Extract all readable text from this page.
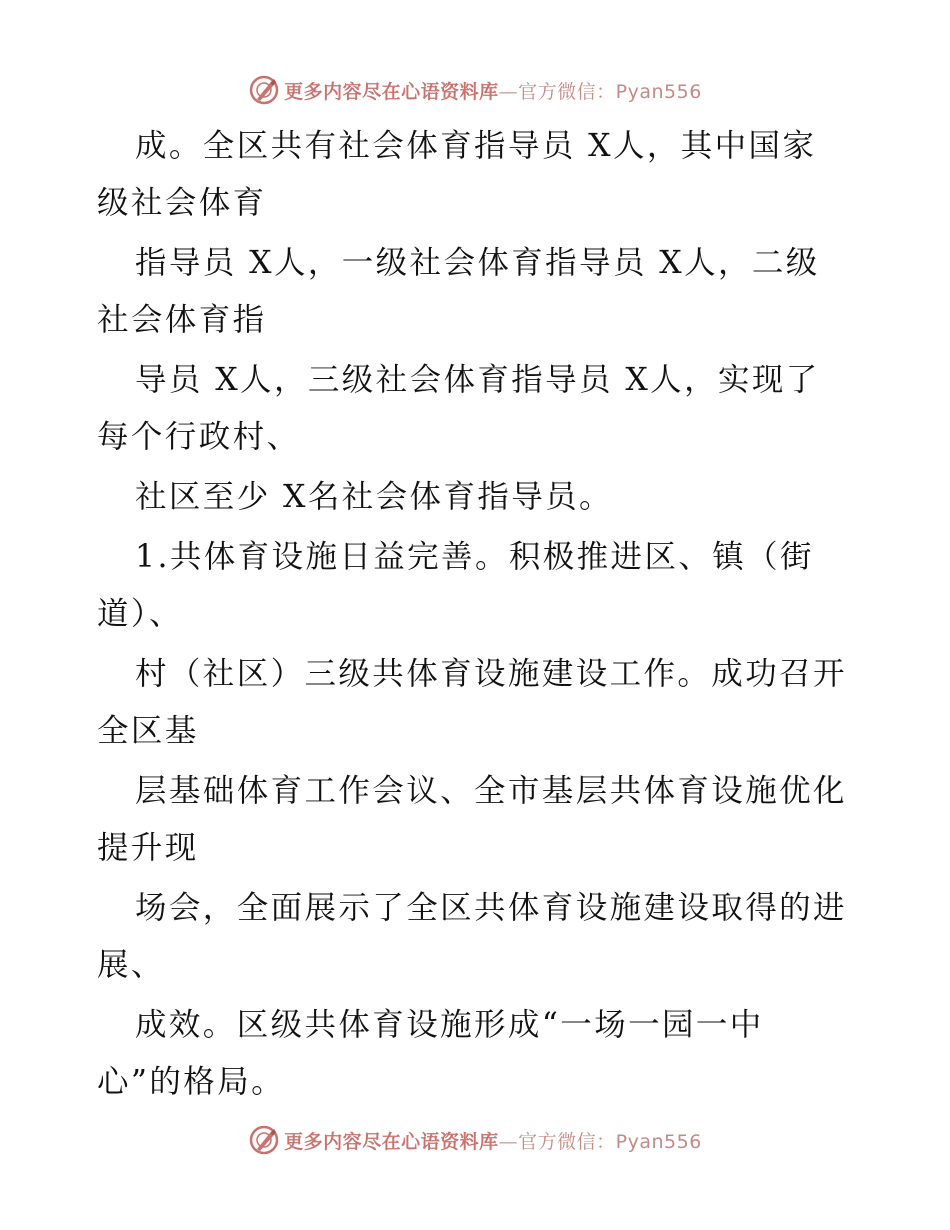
更多内容尽在心语资料库—官方微信：Pyan556
成。全区共有社会体育指导员 X人，其中国家
级社会体育
指导员 X人，一级社会体育指导员 X人，二级
社会体育指
导员 X人，三级社会体育指导员 X人，实现了
每个行政村、
社区至少 X名社会体育指导员。
1.共体育设施日益完善。积极推进区、镇（街
道）、
村（社区）三级共体育设施建设工作。成功召开
全区基
层基础体育工作会议、全市基层共体育设施优化
提升现
场会，全面展示了全区共体育设施建设取得的进
展、
成效。区级共体育设施形成“一场一园一中
心”的格局。
更多内容尽在心语资料库—官方微信：Pyan556
